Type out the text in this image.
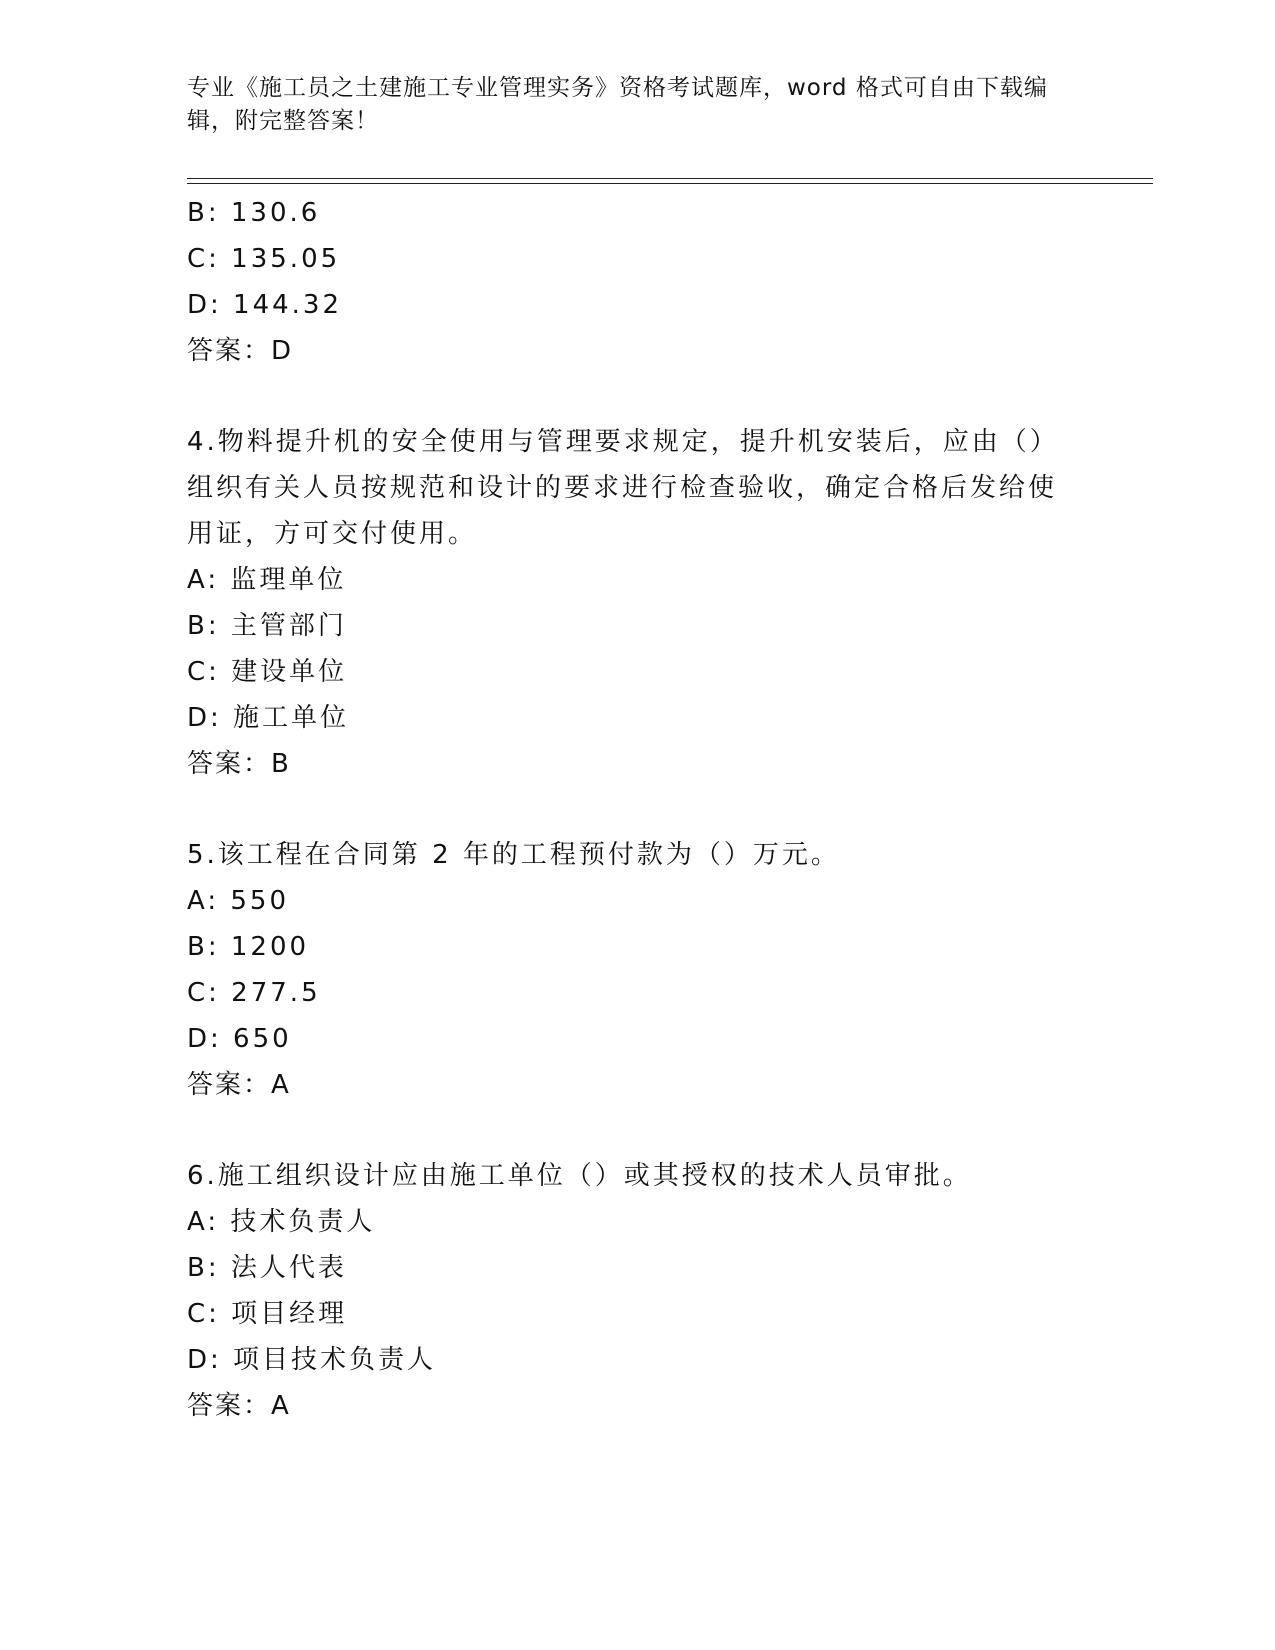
专业《施工员之土建施工专业管理实务》资格考试题库，word 格式可自由下载编辑，附完整答案！
B: 130.6
C: 135.05
D: 144.32
答案：D
4.物料提升机的安全使用与管理要求规定，提升机安装后，应由（）组织有关人员按规范和设计的要求进行检查验收，确定合格后发给使用证，方可交付使用。
A: 监理单位
B: 主管部门
C: 建设单位
D: 施工单位
答案：B
5.该工程在合同第 2 年的工程预付款为（）万元。
A: 550
B: 1200
C: 277.5
D: 650
答案：A
6.施工组织设计应由施工单位（）或其授权的技术人员审批。
A: 技术负责人
B: 法人代表
C: 项目经理
D: 项目技术负责人
答案：A
